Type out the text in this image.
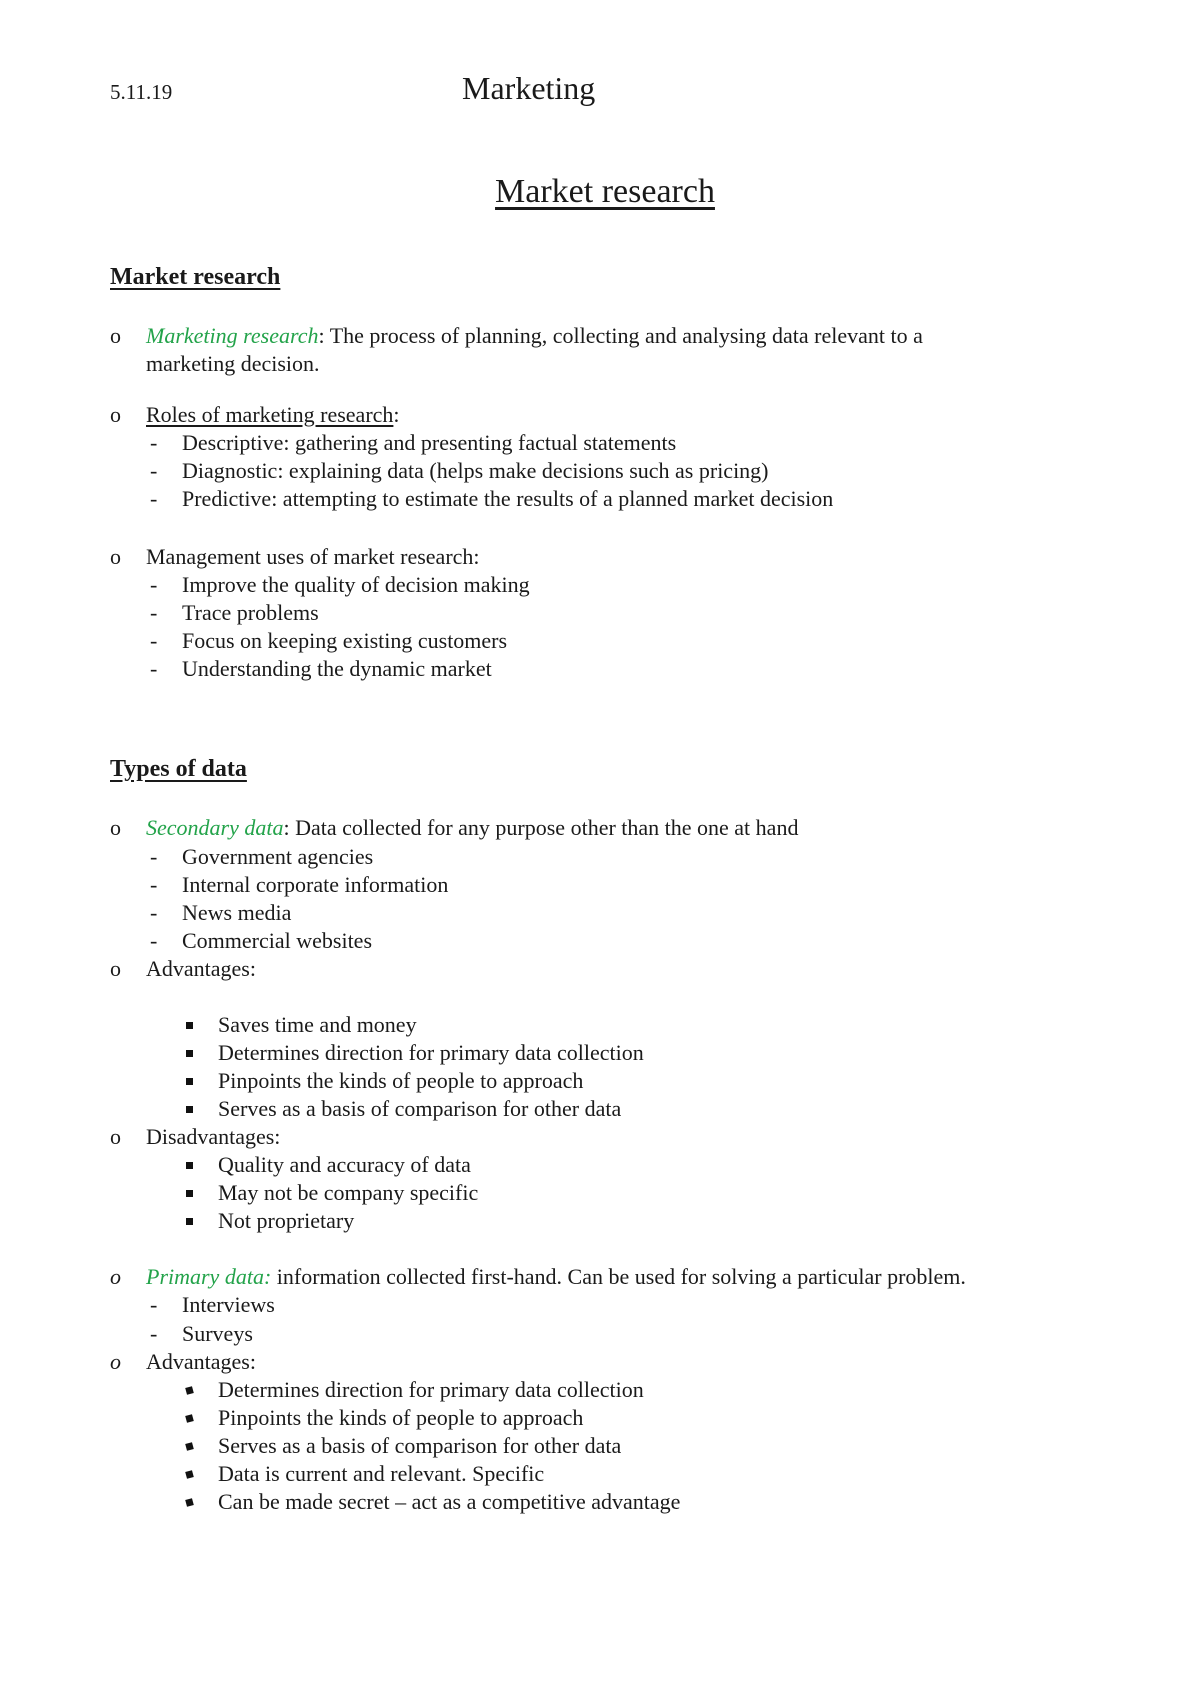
5.11.19	Marketing
Market research
Market research
o Marketing research: The process of planning, collecting and analysing data relevant to a
marketing decision.
o Roles of marketing research:
- Descriptive: gathering and presenting factual statements
- Diagnostic: explaining data (helps make decisions such as pricing)
- Predictive: attempting to estimate the results of a planned market decision
o Management uses of market research:
- Improve the quality of decision making
- Trace problems
- Focus on keeping existing customers
- Understanding the dynamic market
Types of data
o Secondary data: Data collected for any purpose other than the one at hand
- Government agencies
- Internal corporate information
- News media
- Commercial websites
o Advantages:
Saves time and money
Determines direction for primary data collection
Pinpoints the kinds of people to approach
Serves as a basis of comparison for other data
o Disadvantages:
Quality and accuracy of data
May not be company specific
Not proprietary
o Primary data: information collected first-hand. Can be used for solving a particular problem.
- Interviews
- Surveys
o Advantages:
Determines direction for primary data collection
Pinpoints the kinds of people to approach
Serves as a basis of comparison for other data
Data is current and relevant. Specific
Can be made secret – act as a competitive advantage
